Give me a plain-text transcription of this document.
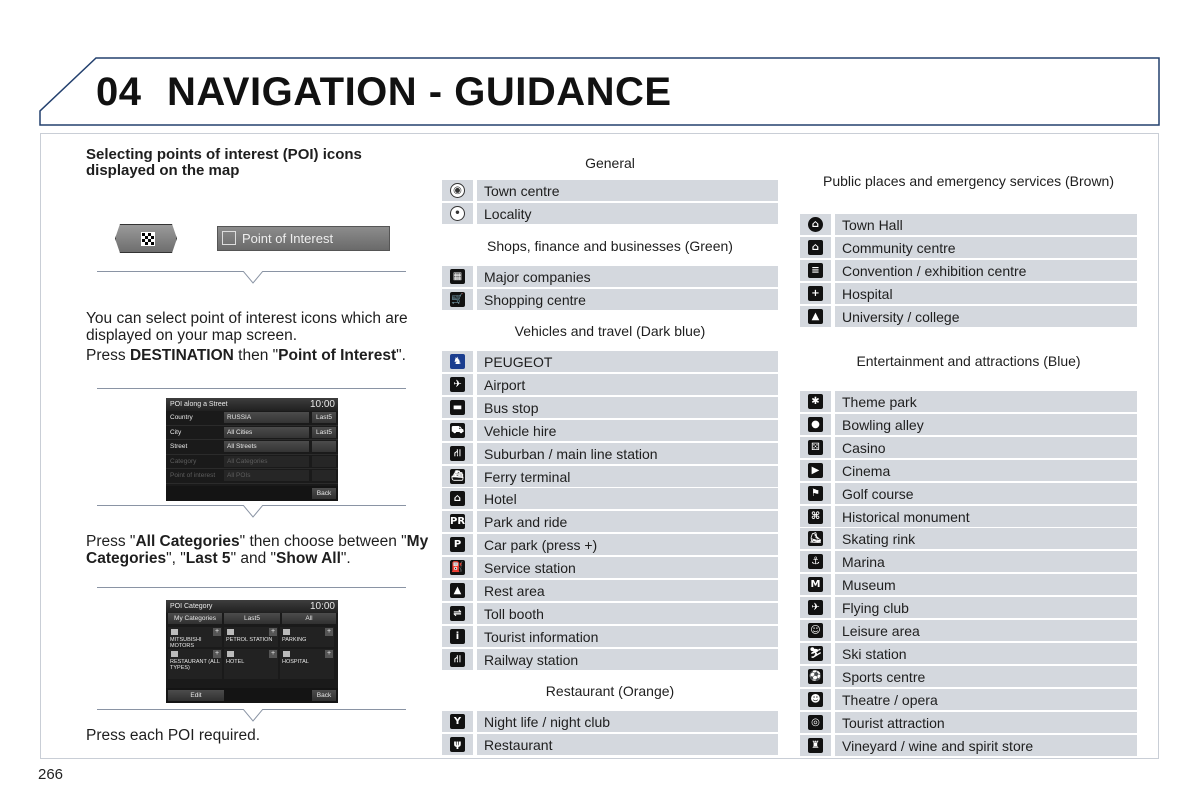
04 NAVIGATION - GUIDANCE
Selecting points of interest (POI) icons displayed on the map
Point of Interest
You can select point of interest icons which are displayed on your map screen.
Press DESTINATION then "Point of Interest".
POI along a Street	10:00
Country	RUSSIA	Last5
City	All Cities	Last5
Street	All Streets
Category	All Categories
Point of interest All POIs
Back
Press "All Categories" then choose between "My Categories", "Last 5" and "Show All".
POI Category	10:00
My Categories	Last5	All
+
MITSUBISHI MOTORS
+
PETROL STATION
+
PARKING
+
RESTAURANT (ALL TYPES)
+
HOTEL
+
HOSPITAL
Edit	Back
Press each POI required.
General
◉	Town centre
•	Locality
Shops, finance and businesses (Green)
▦	Major companies
🛒	Shopping centre
Vehicles and travel (Dark blue)
♞	PEUGEOT
✈	Airport
▬	Bus stop
⛟	Vehicle hire
⛙	Suburban / main line station
⛴	Ferry terminal
⌂	Hotel
PR	Park and ride
P	Car park (press +)
⛽	Service station
▲	Rest area
⇌	Toll booth
i	Tourist information
⛙	Railway station
Restaurant (Orange)
Y	Night life / night club
ψ	Restaurant
Public places and emergency services (Brown)
⌂	Town Hall
⌂	Community centre
≡	Convention / exhibition centre
+	Hospital
▲	University / college
Entertainment and attractions (Blue)
✱	Theme park
●	Bowling alley
⚄	Casino
▶	Cinema
⚑	Golf course
⌘	Historical monument
⛸	Skating rink
⚓	Marina
M	Museum
✈	Flying club
☺	Leisure area
⛷	Ski station
⚽	Sports centre
☻	Theatre / opera
◎	Tourist attraction
♜	Vineyard / wine and spirit store
266
